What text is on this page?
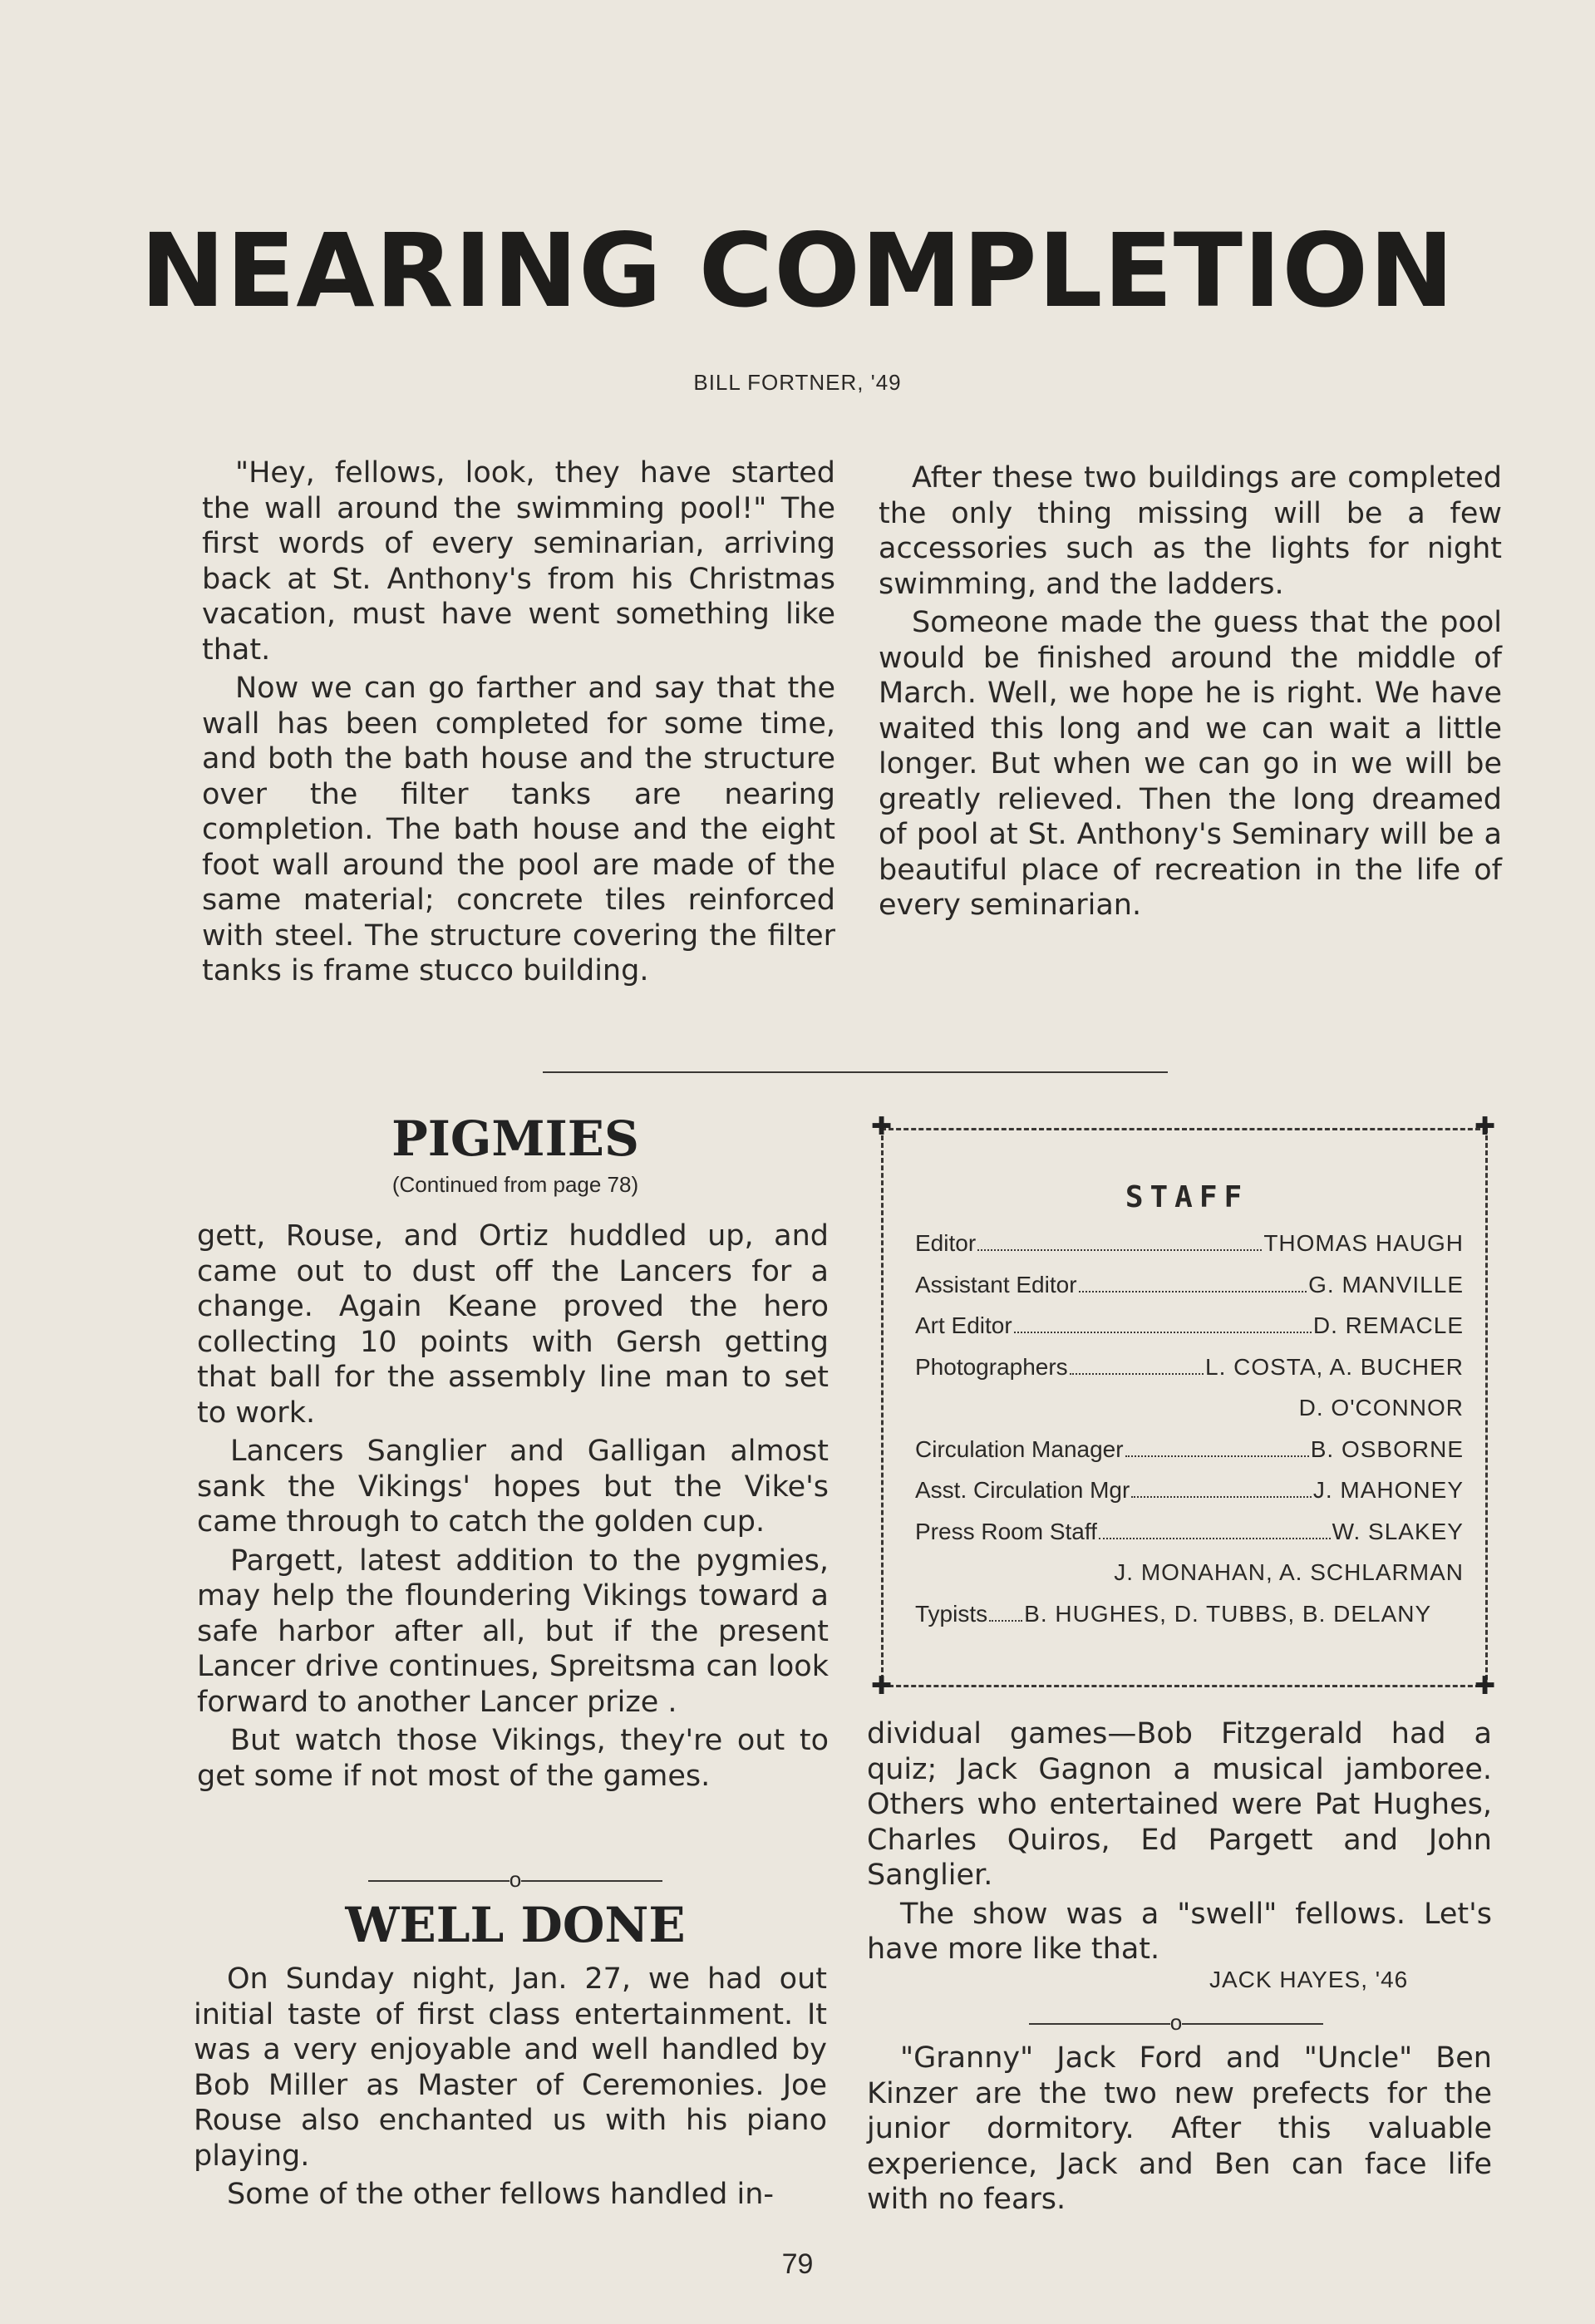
NEARING COMPLETION
BILL FORTNER, '49

"Hey, fellows, look, they have started the wall around the swimming pool!" The first words of every seminarian, arriving back at St. Anthony's from his Christmas vacation, must have went something like that.

Now we can go farther and say that the wall has been completed for some time, and both the bath house and the structure over the filter tanks are nearing completion. The bath house and the eight foot wall around the pool are made of the same material; concrete tiles reinforced with steel. The structure covering the filter tanks is frame stucco building.

After these two buildings are completed the only thing missing will be a few accessories such as the lights for night swimming, and the ladders.

Someone made the guess that the pool would be finished around the middle of March. Well, we hope he is right. We have waited this long and we can wait a little longer. But when we can go in we will be greatly relieved. Then the long dreamed of pool at St. Anthony's Seminary will be a beautiful place of recreation in the life of every seminarian.

PIGMIES
(Continued from page 78)

gett, Rouse, and Ortiz huddled up, and came out to dust off the Lancers for a change. Again Keane proved the hero collecting 10 points with Gersh getting that ball for the assembly line man to set to work.

Lancers Sanglier and Galligan almost sank the Vikings' hopes but the Vike's came through to catch the golden cup.

Pargett, latest addition to the pygmies, may help the floundering Vikings toward a safe harbor after all, but if the present Lancer drive continues, Spreitsma can look forward to another Lancer prize .

But watch those Vikings, they're out to get some if not most of the games.

o
WELL DONE

On Sunday night, Jan. 27, we had out initial taste of first class entertainment. It was a very enjoyable and well handled by Bob Miller as Master of Ceremonies. Joe Rouse also enchanted us with his piano playing.

Some of the other fellows handled in-

STAFF
Editor	THOMAS HAUGH
Assistant Editor	G. MANVILLE
Art Editor	D. REMACLE
Photographers	L. COSTA, A. BUCHER
D. O'CONNOR
Circulation Manager	B. OSBORNE
Asst. Circulation Mgr	J. MAHONEY
Press Room Staff	W. SLAKEY
J. MONAHAN, A. SCHLARMAN
Typists B. HUGHES, D. TUBBS, B. DELANY
✚	✚
✚	✚

dividual games—Bob Fitzgerald had a quiz; Jack Gagnon a musical jamboree. Others who entertained were Pat Hughes, Charles Quiros, Ed Pargett and John Sanglier.

The show was a "swell" fellows. Let's have more like that.

JACK HAYES, '46
o

"Granny" Jack Ford and "Uncle" Ben Kinzer are the two new prefects for the junior dormitory. After this valuable experience, Jack and Ben can face life with no fears.

79
